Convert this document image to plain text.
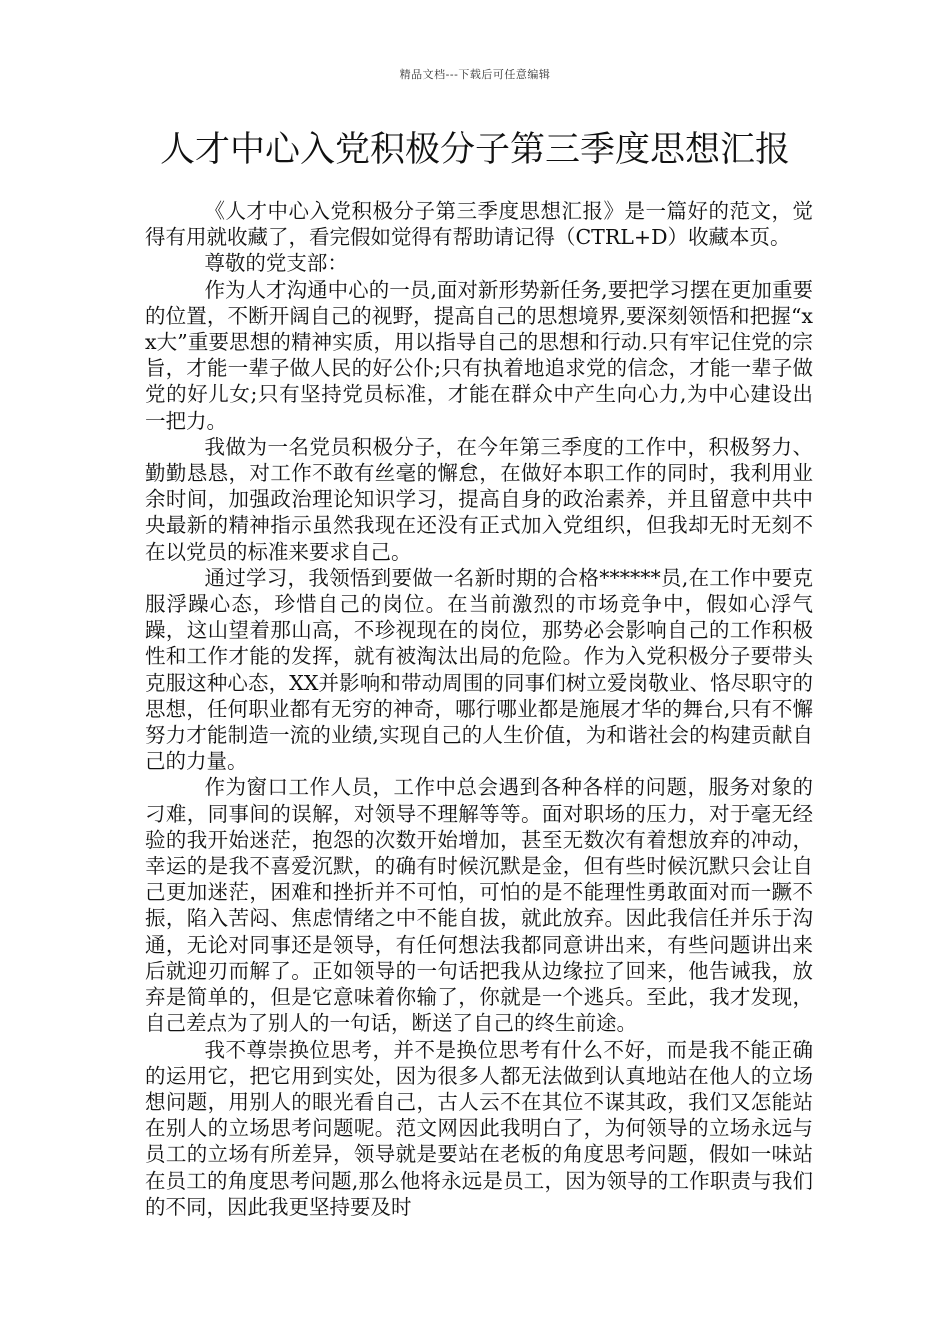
精品文档---下载后可任意编辑
人才中心入党积极分子第三季度思想汇报

《人才中心入党积极分子第三季度思想汇报》是一篇好的范文，觉得有用就收藏了，看完假如觉得有帮助请记得（CTRL+D）收藏本页。

尊敬的党支部：

作为人才沟通中心的一员,面对新形势新任务,要把学习摆在更加重要的位置，不断开阔自己的视野，提高自己的思想境界,要深刻领悟和把握“xx大”重要思想的精神实质，用以指导自己的思想和行动.只有牢记住党的宗旨，才能一辈子做人民的好公仆;只有执着地追求党的信念，才能一辈子做党的好儿女;只有坚持党员标准，才能在群众中产生向心力,为中心建设出一把力。

我做为一名党员积极分子，在今年第三季度的工作中，积极努力、勤勤恳恳，对工作不敢有丝毫的懈怠，在做好本职工作的同时，我利用业余时间，加强政治理论知识学习，提高自身的政治素养，并且留意中共中央最新的精神指示虽然我现在还没有正式加入党组织，但我却无时无刻不在以党员的标准来要求自己。

通过学习，我领悟到要做一名新时期的合格******员,在工作中要克服浮躁心态，珍惜自己的岗位。在当前激烈的市场竞争中，假如心浮气躁，这山望着那山高，不珍视现在的岗位，那势必会影响自己的工作积极性和工作才能的发挥，就有被淘汰出局的危险。作为入党积极分子要带头克服这种心态，XX并影响和带动周围的同事们树立爱岗敬业、恪尽职守的思想，任何职业都有无穷的神奇，哪行哪业都是施展才华的舞台,只有不懈努力才能制造一流的业绩,实现自己的人生价值，为和谐社会的构建贡献自己的力量。

作为窗口工作人员，工作中总会遇到各种各样的问题，服务对象的刁难，同事间的误解，对领导不理解等等。面对职场的压力，对于毫无经验的我开始迷茫，抱怨的次数开始增加，甚至无数次有着想放弃的冲动，幸运的是我不喜爱沉默，的确有时候沉默是金，但有些时候沉默只会让自己更加迷茫，困难和挫折并不可怕，可怕的是不能理性勇敢面对而一蹶不振，陷入苦闷、焦虑情绪之中不能自拔，就此放弃。因此我信任并乐于沟通，无论对同事还是领导，有任何想法我都同意讲出来，有些问题讲出来后就迎刃而解了。正如领导的一句话把我从边缘拉了回来，他告诫我，放弃是简单的，但是它意味着你输了，你就是一个逃兵。至此，我才发现，自己差点为了别人的一句话，断送了自己的终生前途。

我不尊崇换位思考，并不是换位思考有什么不好，而是我不能正确的运用它，把它用到实处，因为很多人都无法做到认真地站在他人的立场想问题，用别人的眼光看自己，古人云不在其位不谋其政，我们又怎能站在别人的立场思考问题呢。范文网因此我明白了，为何领导的立场永远与员工的立场有所差异，领导就是要站在老板的角度思考问题，假如一味站在员工的角度思考问题,那么他将永远是员工，因为领导的工作职责与我们的不同，因此我更坚持要及时
